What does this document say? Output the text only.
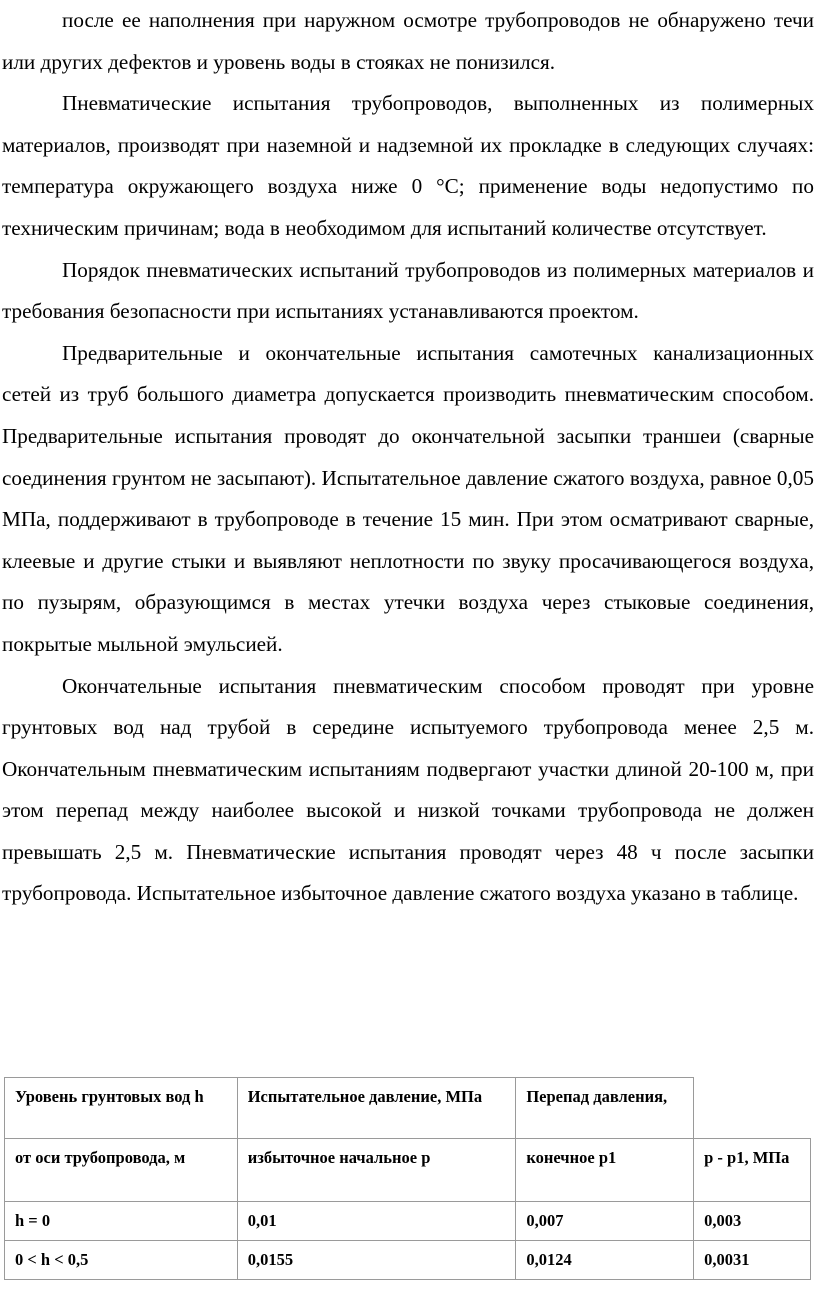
после ее наполнения при наружном осмотре трубопроводов не обнаружено течи или других дефектов и уровень воды в стояках не понизился.

Пневматические испытания трубопроводов, выполненных из полимерных материалов, производят при наземной и надземной их прокладке в следующих случаях: температура окружающего воздуха ниже 0 °С; применение воды недопустимо по техническим причинам; вода в необходимом для испытаний количестве отсутствует.

Порядок пневматических испытаний трубопроводов из полимерных материалов и требования безопасности при испытаниях устанавливаются проектом.

Предварительные и окончательные испытания самотечных канализационных сетей из труб большого диаметра допускается производить пневматическим способом. Предварительные испытания проводят до окончательной засыпки траншеи (сварные соединения грунтом не засыпают). Испытательное давление сжатого воздуха, равное 0,05 МПа, поддерживают в трубопроводе в течение 15 мин. При этом осматривают сварные, клеевые и другие стыки и выявляют неплотности по звуку просачивающегося воздуха, по пузырям, образующимся в местах утечки воздуха через стыковые соединения, покрытые мыльной эмульсией.

Окончательные испытания пневматическим способом проводят при уровне грунтовых вод над трубой в середине испытуемого трубопровода менее 2,5 м. Окончательным пневматическим испытаниям подвергают участки длиной 20-100 м, при этом перепад между наиболее высокой и низкой точками трубопровода не должен превышать 2,5 м. Пневматические испытания проводят через 48 ч после засыпки трубопровода. Испытательное избыточное давление сжатого воздуха указано в таблице.

Уровень грунтовых вод h	Испытательное давление, МПа	Перепад давления,	
от оси трубопровода, м	избыточное начальное р	конечное р1	р - р1, МПа
h = 0	0,01	0,007	0,003
0 < h < 0,5	0,0155	0,0124	0,0031
